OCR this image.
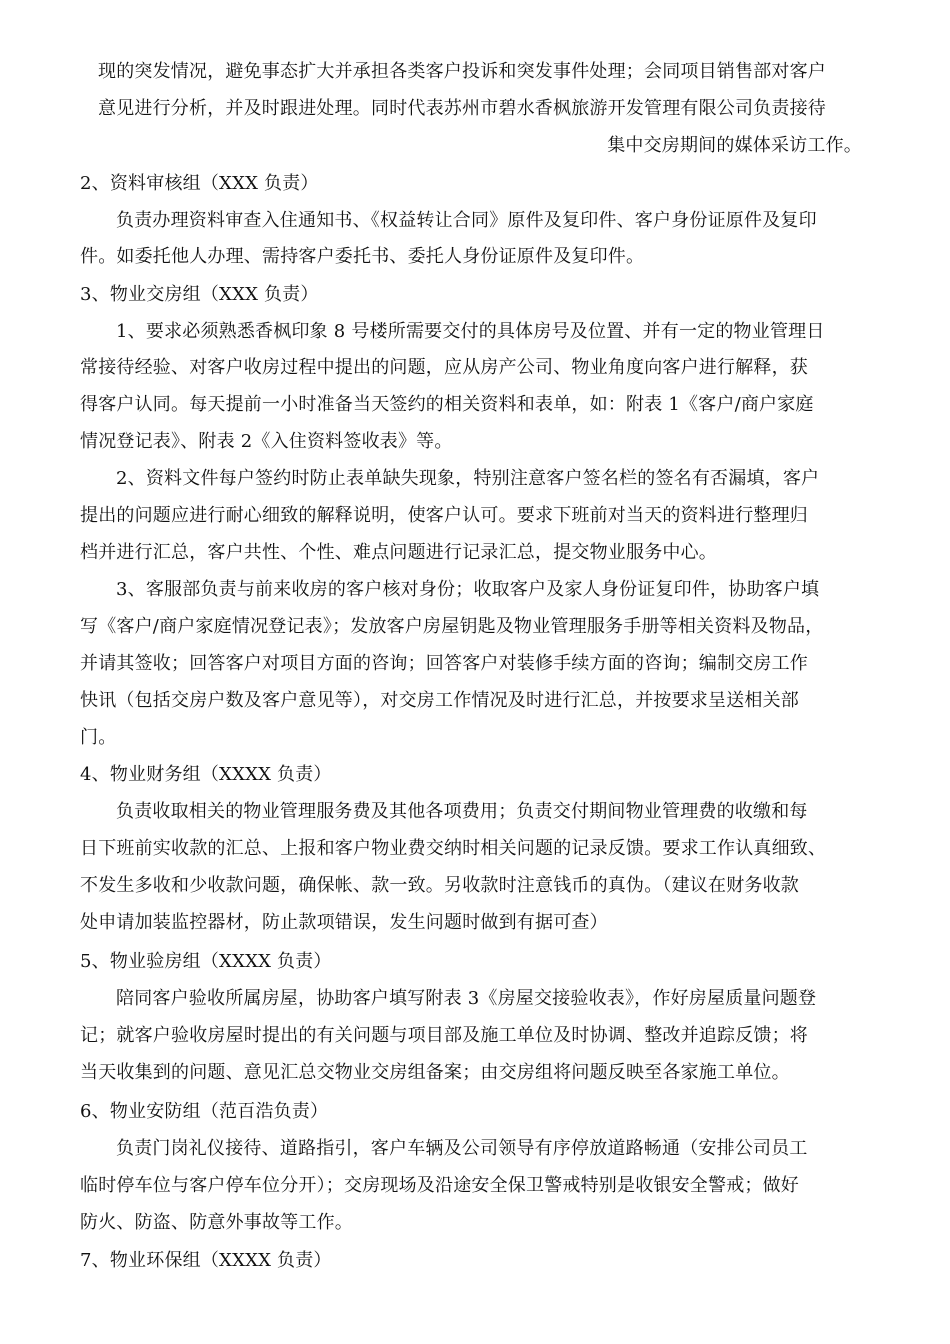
现的突发情况，避免事态扩大并承担各类客户投诉和突发事件处理；会同项目销售部对客户
意见进行分析，并及时跟进处理。同时代表苏州市碧水香枫旅游开发管理有限公司负责接待
集中交房期间的媒体采访工作。
2、资料审核组（XXX 负责）
负责办理资料审查入住通知书、《权益转让合同》原件及复印件、客户身份证原件及复印
件。如委托他人办理、需持客户委托书、委托人身份证原件及复印件。
3、物业交房组（XXX 负责）
1、要求必须熟悉香枫印象 8 号楼所需要交付的具体房号及位置、并有一定的物业管理日
常接待经验、对客户收房过程中提出的问题，应从房产公司、物业角度向客户进行解释，获
得客户认同。每天提前一小时准备当天签约的相关资料和表单，如：附表 1《客户/商户家庭
情况登记表》、附表 2《入住资料签收表》等。
2、资料文件每户签约时防止表单缺失现象，特别注意客户签名栏的签名有否漏填，客户
提出的问题应进行耐心细致的解释说明，使客户认可。要求下班前对当天的资料进行整理归
档并进行汇总，客户共性、个性、难点问题进行记录汇总，提交物业服务中心。
3、客服部负责与前来收房的客户核对身份；收取客户及家人身份证复印件，协助客户填
写《客户/商户家庭情况登记表》；发放客户房屋钥匙及物业管理服务手册等相关资料及物品，
并请其签收；回答客户对项目方面的咨询；回答客户对装修手续方面的咨询；编制交房工作
快讯（包括交房户数及客户意见等），对交房工作情况及时进行汇总，并按要求呈送相关部
门。
4、物业财务组（XXXX 负责）
负责收取相关的物业管理服务费及其他各项费用；负责交付期间物业管理费的收缴和每
日下班前实收款的汇总、上报和客户物业费交纳时相关问题的记录反馈。要求工作认真细致、
不发生多收和少收款问题，确保帐、款一致。另收款时注意钱币的真伪。（建议在财务收款
处申请加装监控器材，防止款项错误，发生问题时做到有据可查）
5、物业验房组（XXXX 负责）
陪同客户验收所属房屋，协助客户填写附表 3《房屋交接验收表》，作好房屋质量问题登
记；就客户验收房屋时提出的有关问题与项目部及施工单位及时协调、整改并追踪反馈；将
当天收集到的问题、意见汇总交物业交房组备案；由交房组将问题反映至各家施工单位。
6、物业安防组（范百浩负责）
负责门岗礼仪接待、道路指引，客户车辆及公司领导有序停放道路畅通（安排公司员工
临时停车位与客户停车位分开）；交房现场及沿途安全保卫警戒特别是收银安全警戒；做好
防火、防盗、防意外事故等工作。
7、物业环保组（XXXX 负责）
